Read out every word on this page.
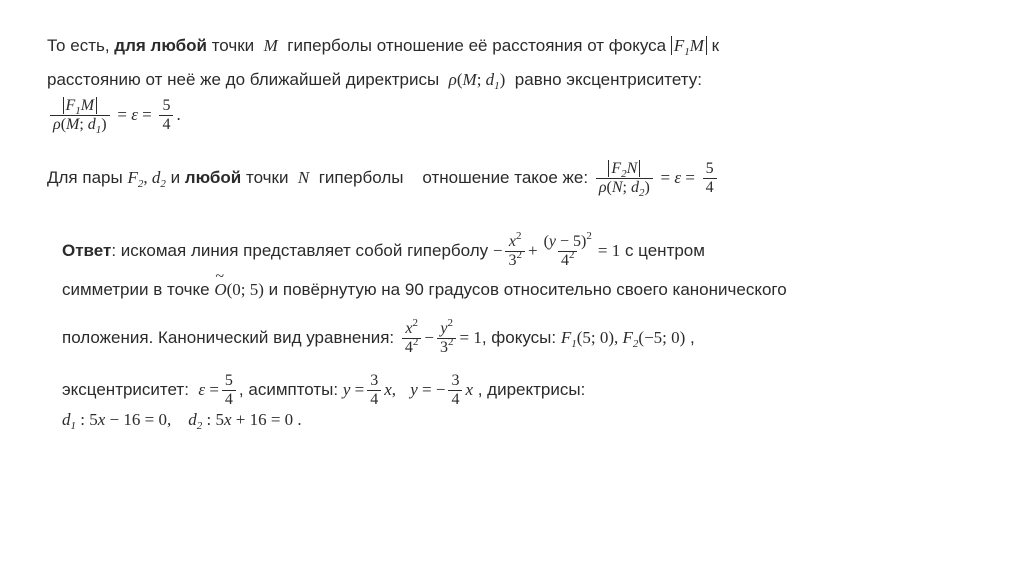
То есть, для любой точки M гиперболы отношение её расстояния от фокуса $F_1M$ к
расстоянию от неё же до ближайшей директрисы ρ(M; $d_1$) равно эксцентриситету:
$\frac{F_1M}{\rho(M; d_1)} = \varepsilon = \frac{5}{4}$ .
Для пары $F_2$, $d_2$ и любой точки N гиперболы отношение такое же: $\frac{F_2N}{\rho(N; d_2)} = \varepsilon = \frac{5}{4}$
Ответ: искомая линия представляет собой гиперболу − $\frac{x^2}{3^2} + \frac{(y - 5)^2}{4^2} = 1$ с центром
симметрии в точке ~ O(0; 5) и повёрнутую на 90 градусов относительно своего канонического
положения. Канонический вид уравнения: $\frac{x^2}{4^2} - \frac{y^2}{3^2} = 1$, фокусы: $F_1(5$; 0), $F_2(-5$; 0) ,
эксцентриситет: $\varepsilon = \frac{5}{4}$ , асимптоты: $y = \frac{3}{4} x$, y = − $\frac{3}{4}$ x , директрисы:
$d_1$ : 5x − 16 = 0,    $d_2$ : 5x + 16 = 0 .
